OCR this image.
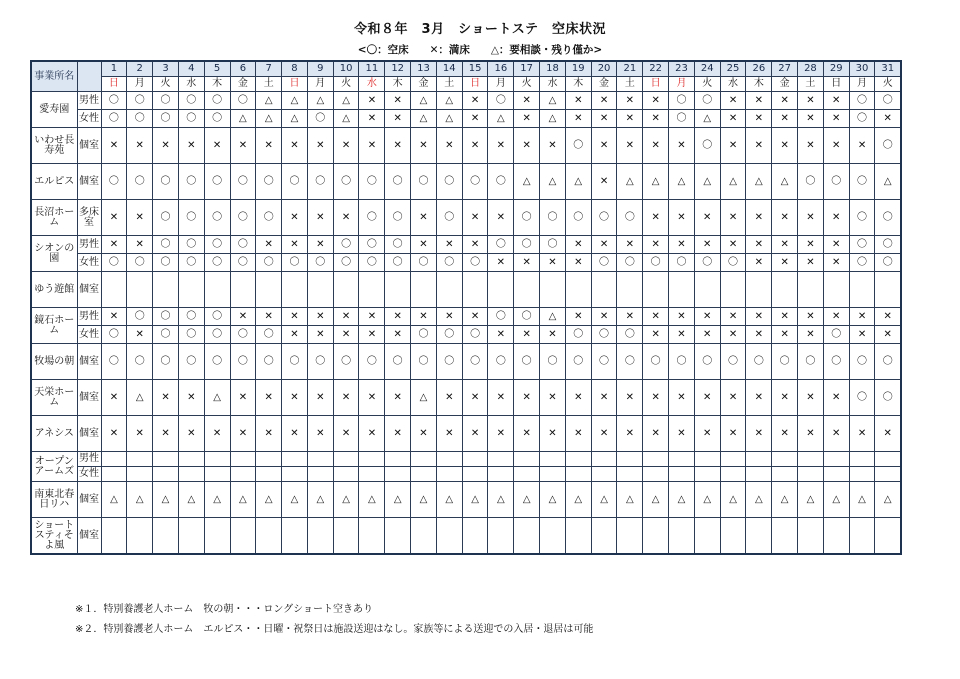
令和８年　3月　ショートステ　空床状況
<〇：空床　　✕：満床　　△：要相談・残り僅か>
事業所名		1	2	3	4	5	6	7	8	9	10	11	12	13	14	15	16	17	18	19	20	21	22	23	24	25	26	27	28	29	30	31
		日	月	火	水	木	金	土	日	月	火	水	木	金	土	日	月	火	水	木	金	土	日	月	火	水	木	金	土	日	月	火
愛寿園	男性	〇	〇	〇	〇	〇	〇	△	△	△	△	✕	✕	△	△	✕	〇	✕	△	✕	✕	✕	✕	〇	〇	✕	✕	✕	✕	✕	〇	〇
	女性	〇	〇	〇	〇	〇	△	△	△	〇	△	✕	✕	△	△	✕	△	✕	△	✕	✕	✕	✕	〇	△	✕	✕	✕	✕	✕	〇	✕
いわせ長寿苑	個室	✕	✕	✕	✕	✕	✕	✕	✕	✕	✕	✕	✕	✕	✕	✕	✕	✕	✕	〇	✕	✕	✕	✕	〇	✕	✕	✕	✕	✕	✕	〇
エルピス	個室	〇	〇	〇	〇	〇	〇	〇	〇	〇	〇	〇	〇	〇	〇	〇	〇	△	△	△	✕	△	△	△	△	△	△	△	〇	〇	〇	△
長沼ホーム	多床室	✕	✕	〇	〇	〇	〇	〇	✕	✕	✕	〇	〇	✕	〇	✕	✕	〇	〇	〇	〇	〇	✕	✕	✕	✕	✕	✕	✕	✕	〇	〇
シオンの園	男性	✕	✕	〇	〇	〇	〇	✕	✕	✕	〇	〇	〇	✕	✕	✕	〇	〇	〇	✕	✕	✕	✕	✕	✕	✕	✕	✕	✕	✕	〇	〇
	女性	〇	〇	〇	〇	〇	〇	〇	〇	〇	〇	〇	〇	〇	〇	〇	✕	✕	✕	✕	〇	〇	〇	〇	〇	〇	✕	✕	✕	✕	〇	〇
ゆう遊館	個室																															
鏡石ホーム	男性	✕	〇	〇	〇	〇	✕	✕	✕	✕	✕	✕	✕	✕	✕	✕	〇	〇	△	✕	✕	✕	✕	✕	✕	✕	✕	✕	✕	✕	✕	✕
	女性	〇	✕	〇	〇	〇	〇	〇	✕	✕	✕	✕	✕	〇	〇	〇	✕	✕	✕	〇	〇	〇	✕	✕	✕	✕	✕	✕	✕	〇	✕	✕
牧場の朝	個室	〇	〇	〇	〇	〇	〇	〇	〇	〇	〇	〇	〇	〇	〇	〇	〇	〇	〇	〇	〇	〇	〇	〇	〇	〇	〇	〇	〇	〇	〇	〇
天栄ホーム	個室	✕	△	✕	✕	△	✕	✕	✕	✕	✕	✕	✕	△	✕	✕	✕	✕	✕	✕	✕	✕	✕	✕	✕	✕	✕	✕	✕	✕	〇	〇
アネシス	個室	✕	✕	✕	✕	✕	✕	✕	✕	✕	✕	✕	✕	✕	✕	✕	✕	✕	✕	✕	✕	✕	✕	✕	✕	✕	✕	✕	✕	✕	✕	✕
オープンアームズ	男性																															
	女性																															
南東北春日リハ	個室	△	△	△	△	△	△	△	△	△	△	△	△	△	△	△	△	△	△	△	△	△	△	△	△	△	△	△	△	△	△	△
ショートスティそよ風	個室																															
※１．特別養護老人ホーム　牧の朝・・・ロングショート空きあり
※２．特別養護老人ホーム　エルピス・・日曜・祝祭日は施設送迎はなし。家族等による送迎での入居・退居は可能
